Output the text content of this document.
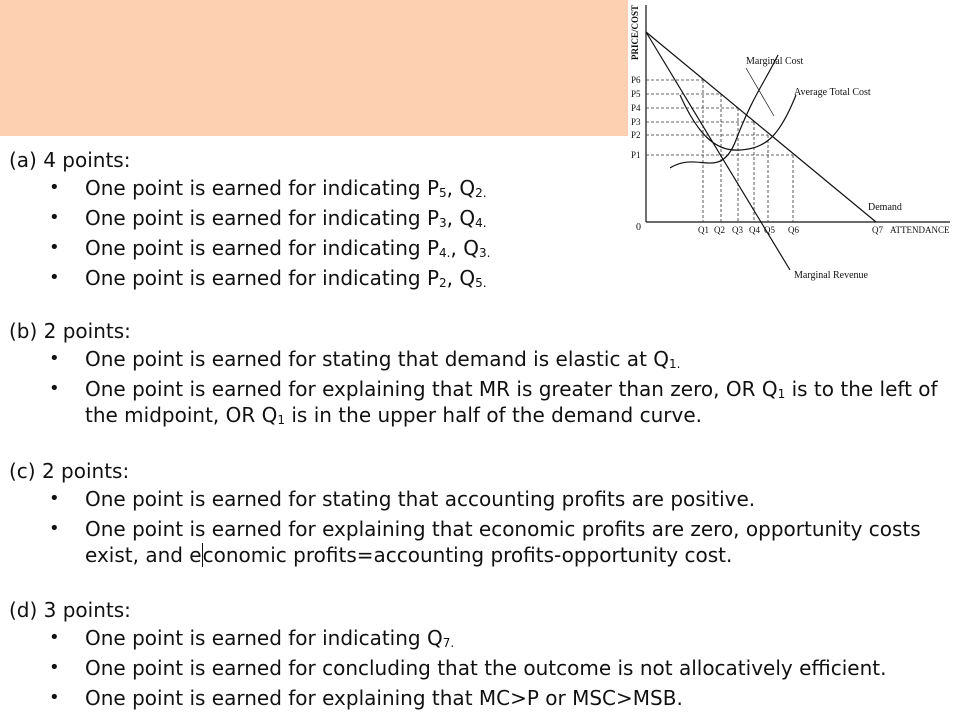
PRICE/COST
0
Marginal Cost
Average Total Cost
Demand
Marginal Revenue
P6
P5
P4
P3
P2
P1
Q1 Q2 Q3 Q4 Q5 Q6	Q7 ATTENDANCE
(a) 4 points:
• One point is earned for indicating $P_5$, $Q_{2.}$
• One point is earned for indicating $P_3$, $Q_{4.}$
• One point is earned for indicating $P_{4.}$, $Q_{3.}$
• One point is earned for indicating $P_2$, $Q_{5.}$
(b) 2 points:
• One point is earned for stating that demand is elastic at $Q_{1.}$
• One point is earned for explaining that MR is greater than zero, OR $Q_1$ is to the left of the midpoint, OR $Q_1$ is in the upper half of the demand curve.
(c) 2 points:
• One point is earned for stating that accounting profits are positive.
• One point is earned for explaining that economic profits are zero, opportunity costs exist, and economic profits=accounting profits-opportunity cost.
(d) 3 points:
• One point is earned for indicating $Q_{7.}$
• One point is earned for concluding that the outcome is not allocatively efficient.
• One point is earned for explaining that MC>P or MSC>MSB.
